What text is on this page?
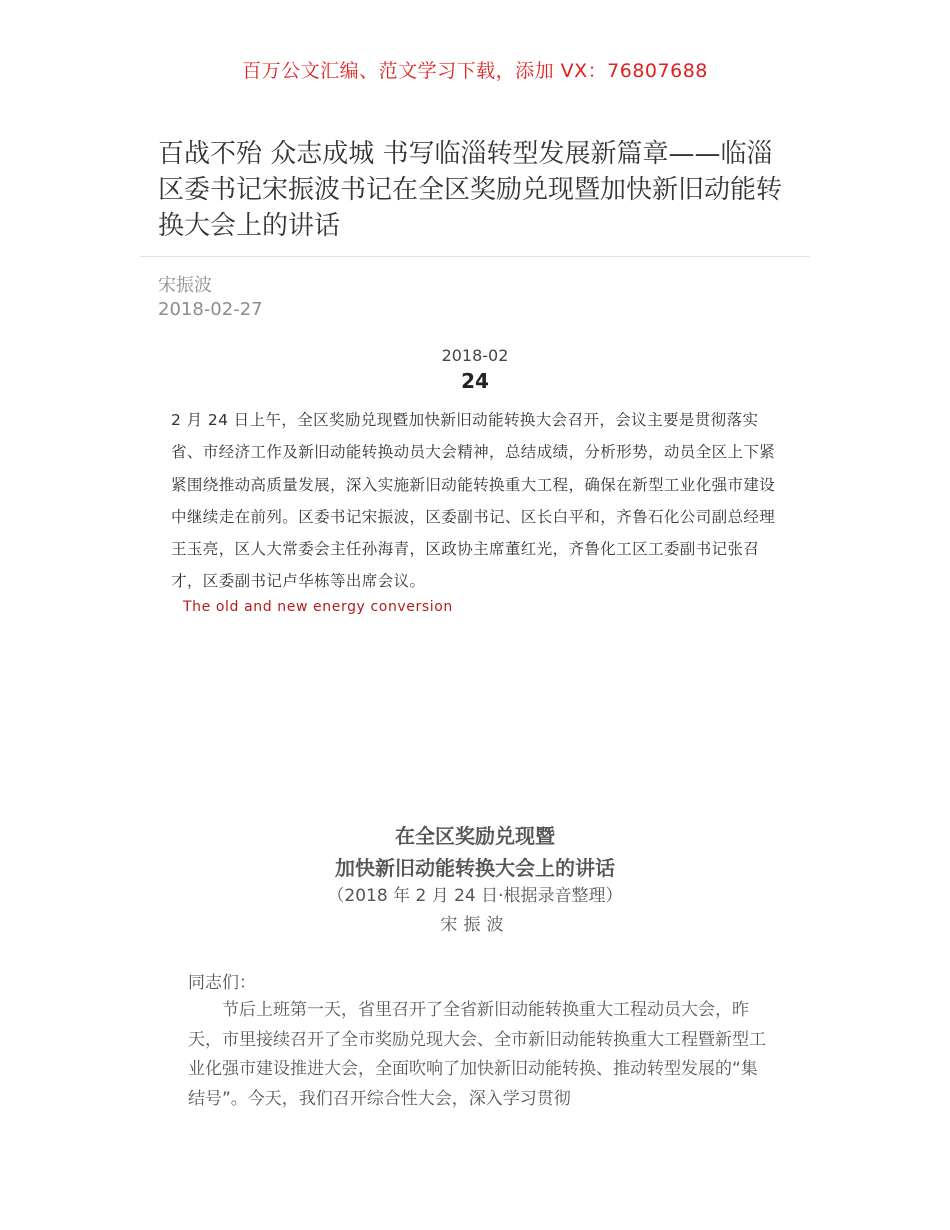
百万公文汇编、范文学习下载，添加 VX：76807688
百战不殆 众志成城 书写临淄转型发展新篇章——临淄区委书记宋振波书记在全区奖励兑现暨加快新旧动能转换大会上的讲话
宋振波
2018-02-27
2018-02
24

2 月 24 日上午，全区奖励兑现暨加快新旧动能转换大会召开，会议主要是贯彻落实省、市经济工作及新旧动能转换动员大会精神，总结成绩，分析形势，动员全区上下紧紧围绕推动高质量发展，深入实施新旧动能转换重大工程，确保在新型工业化强市建设中继续走在前列。区委书记宋振波，区委副书记、区长白平和，齐鲁石化公司副总经理王玉亮，区人大常委会主任孙海青，区政协主席董红光，齐鲁化工区工委副书记张召才，区委副书记卢华栋等出席会议。

The old and new energy conversion
在全区奖励兑现暨
加快新旧动能转换大会上的讲话
（2018 年 2 月 24 日·根据录音整理）
宋振波
同志们：

节后上班第一天，省里召开了全省新旧动能转换重大工程动员大会，昨天，市里接续召开了全市奖励兑现大会、全市新旧动能转换重大工程暨新型工业化强市建设推进大会，全面吹响了加快新旧动能转换、推动转型发展的“集结号”。今天，我们召开综合性大会，深入学习贯彻
